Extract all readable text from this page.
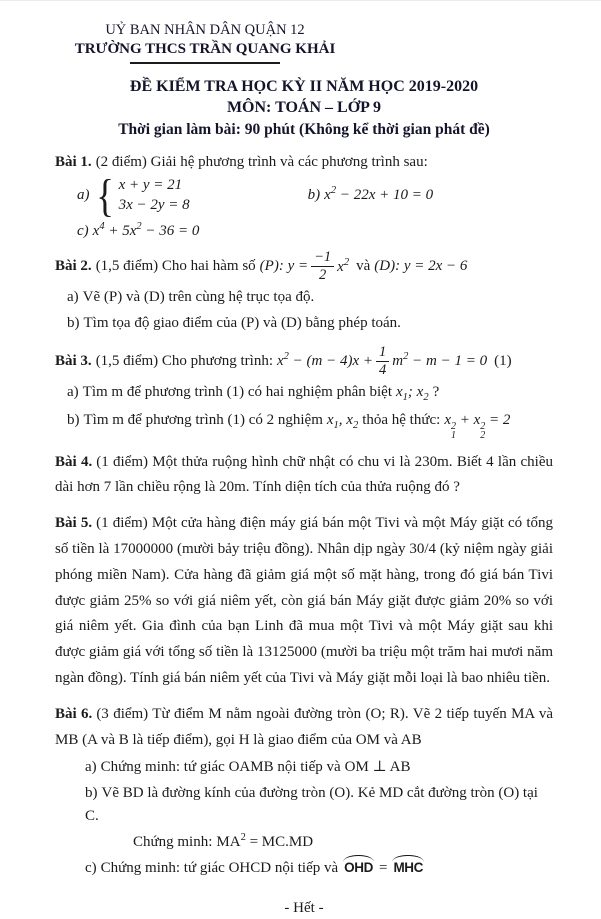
UỶ BAN NHÂN DÂN QUẬN 12
TRƯỜNG THCS TRẦN QUANG KHẢI
ĐỀ KIỂM TRA HỌC KỲ II NĂM HỌC 2019-2020
MÔN: TOÁN – LỚP 9
Thời gian làm bài: 90 phút (Không kể thời gian phát đề)

Bài 1. (2 điểm) Giải hệ phương trình và các phương trình sau:

a) { x + y = 21
3x − 2y = 8
b) $x^2 - 22x + 10 = 0$

c) $x^4 + 5x^2 - 36 = 0$

Bài 2. (1,5 điểm) Cho hai hàm số (P): $y = \frac{-1}{2} x^2$ và (D): y = 2x − 6

a) Vẽ (P) và (D) trên cùng hệ trục tọa độ.

b) Tìm tọa độ giao điểm của (P) và (D) bằng phép toán.

Bài 3. (1,5 điểm) Cho phương trình: $x^2 - (m - 4)x + \frac{1}{4} m^2 - m - 1 = 0$ (1)

a) Tìm m để phương trình (1) có hai nghiệm phân biệt $x_1$; $x_2$ ?

b) Tìm m để phương trình (1) có 2 nghiệm $x_1$, $x_2$ thỏa hệ thức: x 2
1
+ x 2
2
= 2

Bài 4. (1 điểm) Một thửa ruộng hình chữ nhật có chu vi là 230m. Biết 4 lần chiều dài hơn 7 lần chiều rộng là 20m. Tính diện tích của thửa ruộng đó ?

Bài 5. (1 điểm) Một cửa hàng điện máy giá bán một Tivi và một Máy giặt có tổng số tiền là 17000000 (mười bảy triệu đồng). Nhân dịp ngày 30/4 (kỷ niệm ngày giải phóng miền Nam). Cửa hàng đã giảm giá một số mặt hàng, trong đó giá bán Tivi được giảm 25% so với giá niêm yết, còn giá bán Máy giặt được giảm 20% so với giá niêm yết. Gia đình của bạn Linh đã mua một Tivi và một Máy giặt sau khi được giảm giá với tổng số tiền là 13125000 (mười ba triệu một trăm hai mươi năm ngàn đồng). Tính giá bán niêm yết của Tivi và Máy giặt mỗi loại là bao nhiêu tiền.

Bài 6. (3 điểm) Từ điểm M nằm ngoài đường tròn (O; R). Vẽ 2 tiếp tuyến MA và MB (A và B là tiếp điểm), gọi H là giao điểm của OM và AB

a) Chứng minh: tứ giác OAMB nội tiếp và OM ⊥ AB

b) Vẽ BD là đường kính của đường tròn (O). Kẻ MD cắt đường tròn (O) tại C.

Chứng minh: $MA^2 = MC.MD$

c) Chứng minh: tứ giác OHCD nội tiếp và OHD = MHC

- Hết -
